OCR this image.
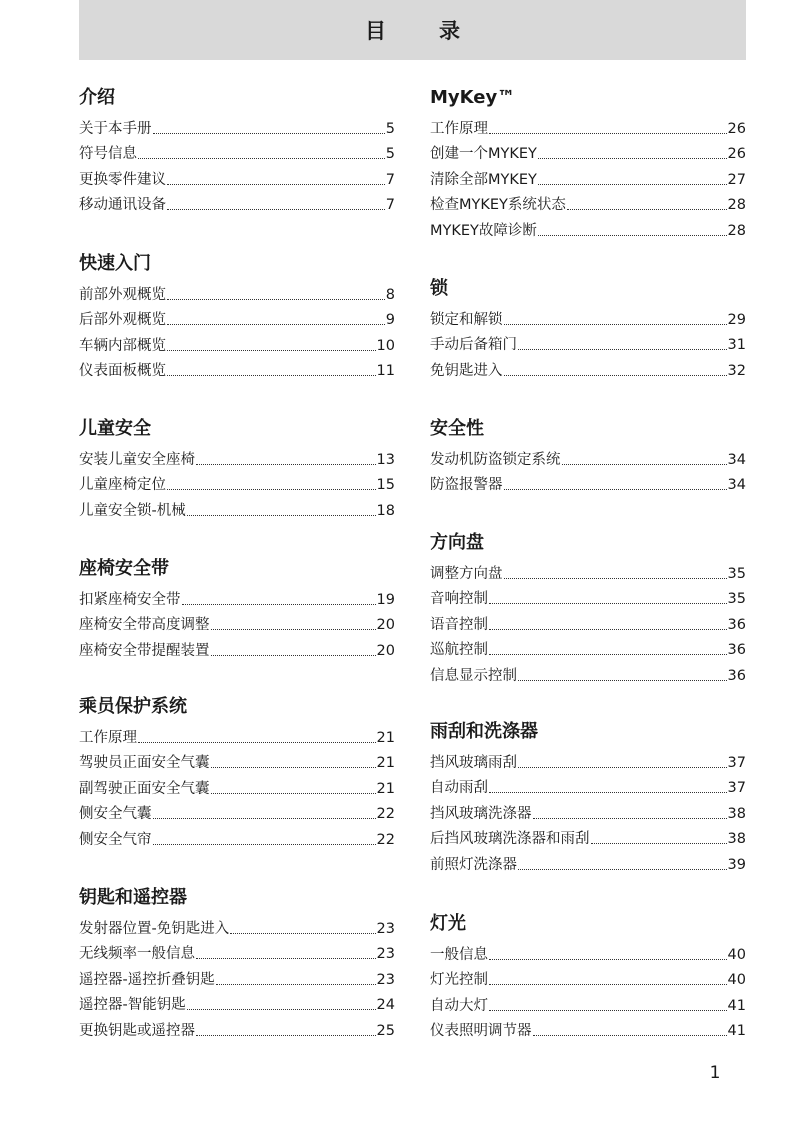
目　录
介绍
关于本手册	5
符号信息	5
更换零件建议	7
移动通讯设备	7
快速入门
前部外观概览	8
后部外观概览	9
车辆内部概览	10
仪表面板概览	11
儿童安全
安装儿童安全座椅	13
儿童座椅定位	15
儿童安全锁-机械	18
座椅安全带
扣紧座椅安全带	19
座椅安全带高度调整	20
座椅安全带提醒装置	20
乘员保护系统
工作原理	21
驾驶员正面安全气囊	21
副驾驶正面安全气囊	21
侧安全气囊	22
侧安全气帘	22
钥匙和遥控器
发射器位置-免钥匙进入	23
无线频率一般信息	23
遥控器-遥控折叠钥匙	23
遥控器-智能钥匙	24
更换钥匙或遥控器	25
MyKey™
工作原理	26
创建一个MYKEY	26
清除全部MYKEY	27
检查MYKEY系统状态	28
MYKEY故障诊断	28
锁
锁定和解锁	29
手动后备箱门	31
免钥匙进入	32
安全性
发动机防盗锁定系统	34
防盗报警器	34
方向盘
调整方向盘	35
音响控制	35
语音控制	36
巡航控制	36
信息显示控制	36
雨刮和洗涤器
挡风玻璃雨刮	37
自动雨刮	37
挡风玻璃洗涤器	38
后挡风玻璃洗涤器和雨刮	38
前照灯洗涤器	39
灯光
一般信息	40
灯光控制	40
自动大灯	41
仪表照明调节器	41
1
